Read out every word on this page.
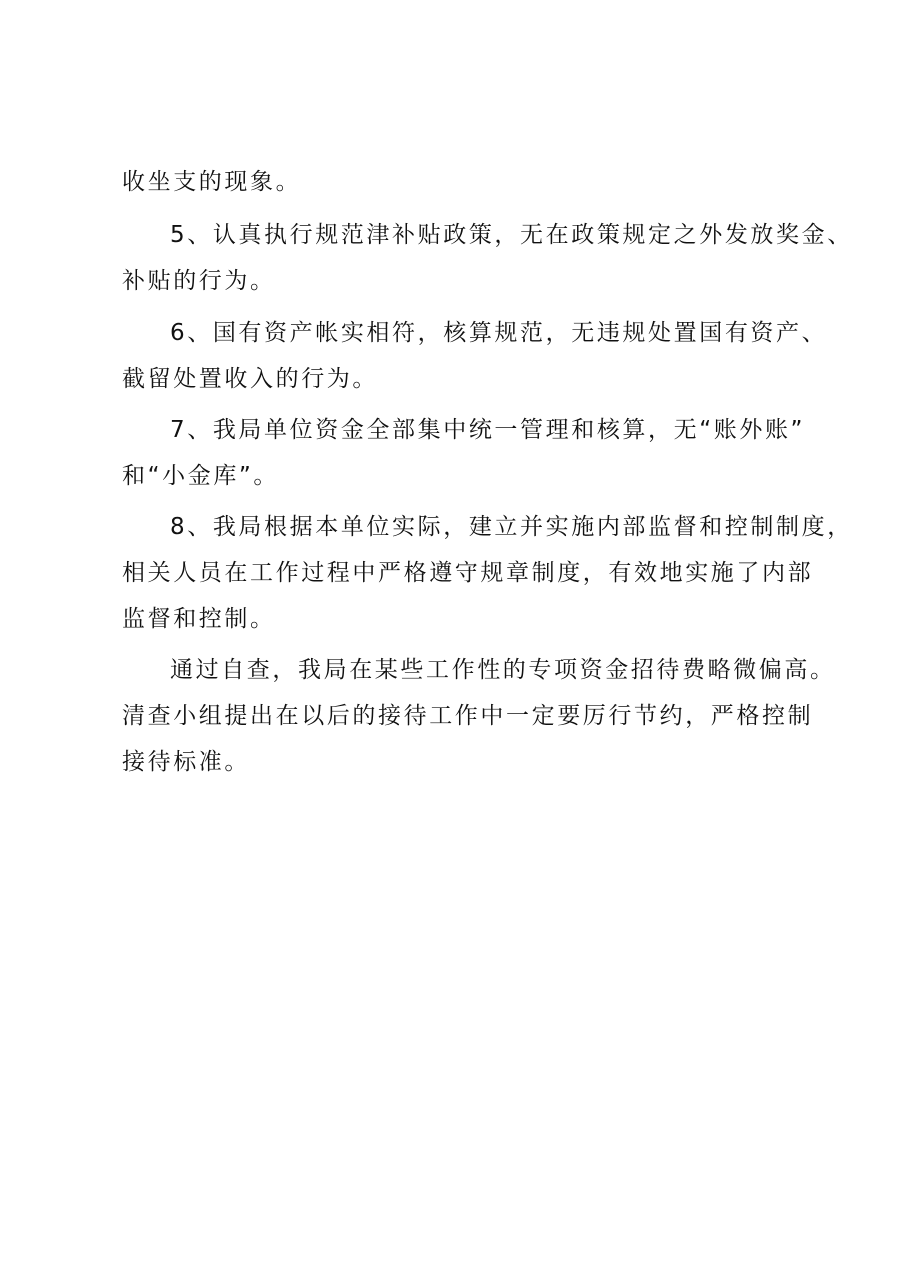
收坐支的现象。
5、认真执行规范津补贴政策，无在政策规定之外发放奖金、
补贴的行为。
6、国有资产帐实相符，核算规范，无违规处置国有资产、
截留处置收入的行为。
7、我局单位资金全部集中统一管理和核算，无“账外账”
和“小金库”。
8、我局根据本单位实际，建立并实施内部监督和控制制度，
相关人员在工作过程中严格遵守规章制度，有效地实施了内部
监督和控制。
通过自查，我局在某些工作性的专项资金招待费略微偏高。
清查小组提出在以后的接待工作中一定要厉行节约，严格控制
接待标准。
